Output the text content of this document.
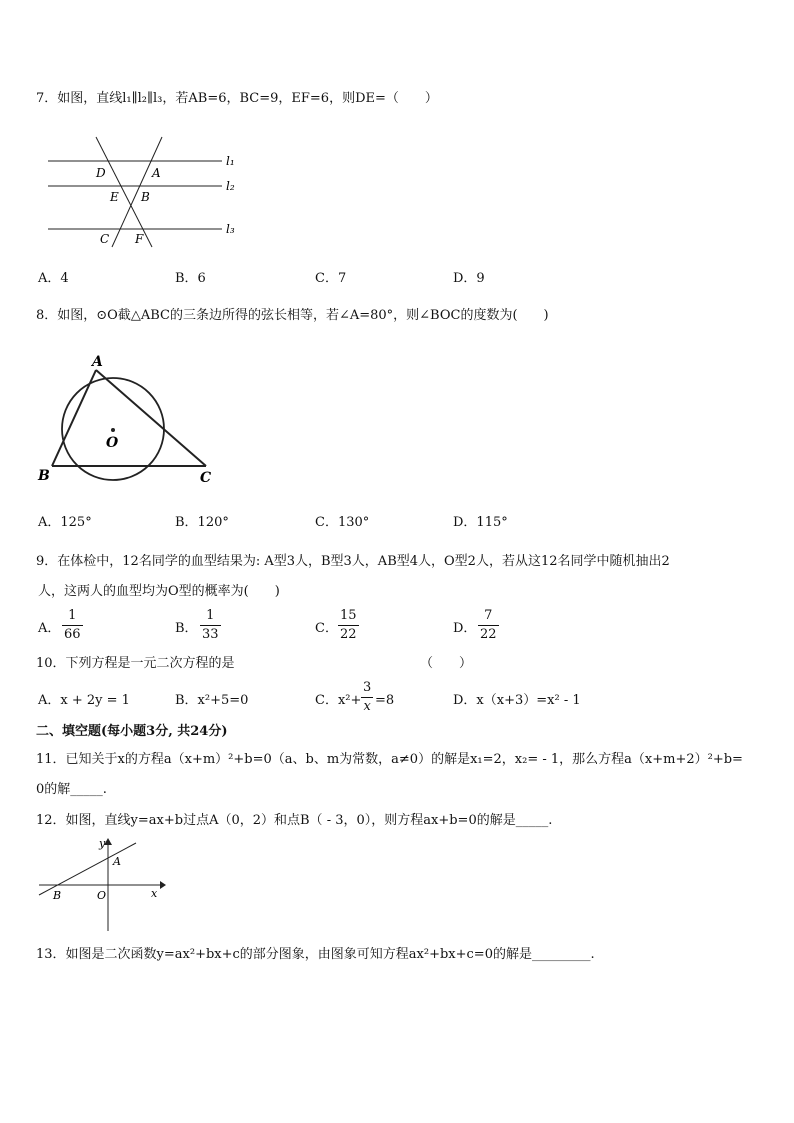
7．如图，直线l₁∥l₂∥l₃，若AB=6，BC=9，EF=6，则DE=（　　）
D	A
E B
C F
l₁
l₂
l₃
A．4	B．6	C．7	D．9
8．如图，⊙O截△ABC的三条边所得的弦长相等，若∠A=80°，则∠BOC的度数为(　　)
A
B	C
O
A．125°	B．120°	C．130°	D．115°
9．在体检中，12名同学的血型结果为: A型3人，B型3人，AB型4人，O型2人，若从这12名同学中随机抽出2
人，这两人的血型均为O型的概率为(　　)
A．
1
66	B．
1
33	C．
15
22	D．
7
22
10．下列方程是一元二次方程的是	（　　）
A．x + 2y = 1	B．x²+5=0	C．x²+
3
x =8	D．x（x+3）=x² - 1
二、填空题(每小题3分, 共24分)
11．已知关于x的方程a（x+m）²+b=0（a、b、m为常数，a≠0）的解是x₁=2，x₂= - 1，那么方程a（x+m+2）²+b=
0的解_____.
12．如图，直线y=ax+b过点A（0，2）和点B（ - 3，0），则方程ax+b=0的解是_____.
y
x
A
B	O
13．如图是二次函数y=ax²+bx+c的部分图象，由图象可知方程ax²+bx+c=0的解是_________.
